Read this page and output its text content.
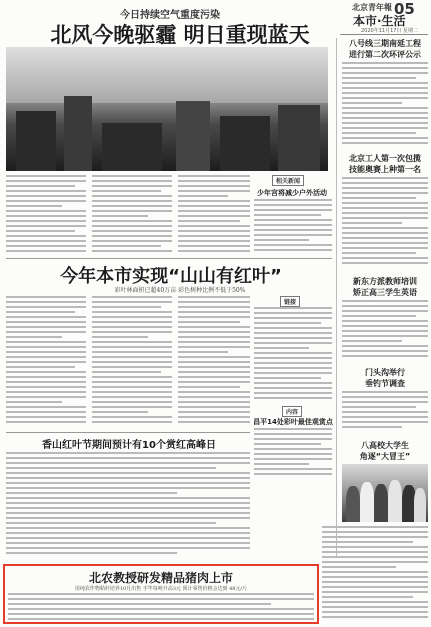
北京青年報 05
本市·生活
2020年11月17日 星期二
今日持续空气重度污染
北风今晚驱霾 明日重现蓝天
相关新闻
少年宫将减少户外活动
今年本市实现“山山有红叶”
彩叶林面积已超40万亩 彩色树种比例不低于50%
链接
内容
昌平14处彩叶最佳观赏点
香山红叶节期间预计有10个赏红高峰日
八号线三期南延工程
进行第二次环评公示
北京工人第一次包揽
技能奥赛上种第一名
新东方派教师培训
矫正高三学生英语
门头沟举行
垂钓节调查
八高校大学生
角逐“大冒王”
北农教授研发精品猪肉上市
用纯农作物秸秆培养10月出售 手竿每吨升高3元 预计零售价格会达到 48元/斤
